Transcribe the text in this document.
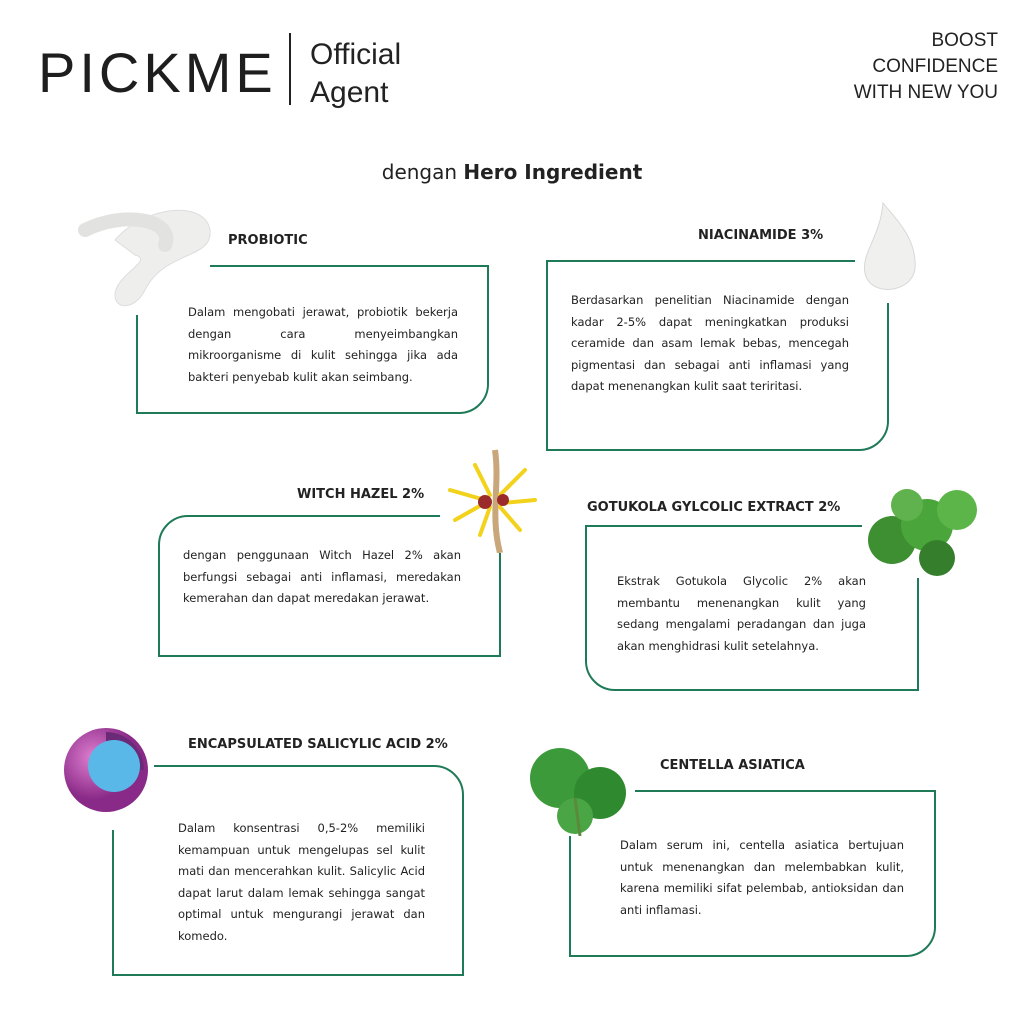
PICKME Official
Agent
BOOST
CONFIDENCE
WITH NEW YOU
dengan Hero Ingredient
PROBIOTIC
Dalam mengobati jerawat, probiotik bekerja dengan cara menyeimbangkan mikroorganisme di kulit sehingga jika ada bakteri penyebab kulit akan seimbang.
NIACINAMIDE 3%
Berdasarkan penelitian Niacinamide dengan kadar 2-5% dapat meningkatkan produksi ceramide dan asam lemak bebas, mencegah pigmentasi dan sebagai anti inflamasi yang dapat menenangkan kulit saat teriritasi.
WITCH HAZEL 2%
dengan penggunaan Witch Hazel 2% akan berfungsi sebagai anti inflamasi, meredakan kemerahan dan dapat meredakan jerawat.
GOTUKOLA GYLCOLIC EXTRACT 2%
Ekstrak Gotukola Glycolic 2% akan membantu menenangkan kulit yang sedang mengalami peradangan dan juga akan menghidrasi kulit setelahnya.
ENCAPSULATED SALICYLIC ACID 2%
Dalam konsentrasi 0,5-2% memiliki kemampuan untuk mengelupas sel kulit mati dan mencerahkan kulit. Salicylic Acid dapat larut dalam lemak sehingga sangat optimal untuk mengurangi jerawat dan komedo.
CENTELLA ASIATICA
Dalam serum ini, centella asiatica bertujuan untuk menenangkan dan melembabkan kulit, karena memiliki sifat pelembab, antioksidan dan anti inflamasi.
